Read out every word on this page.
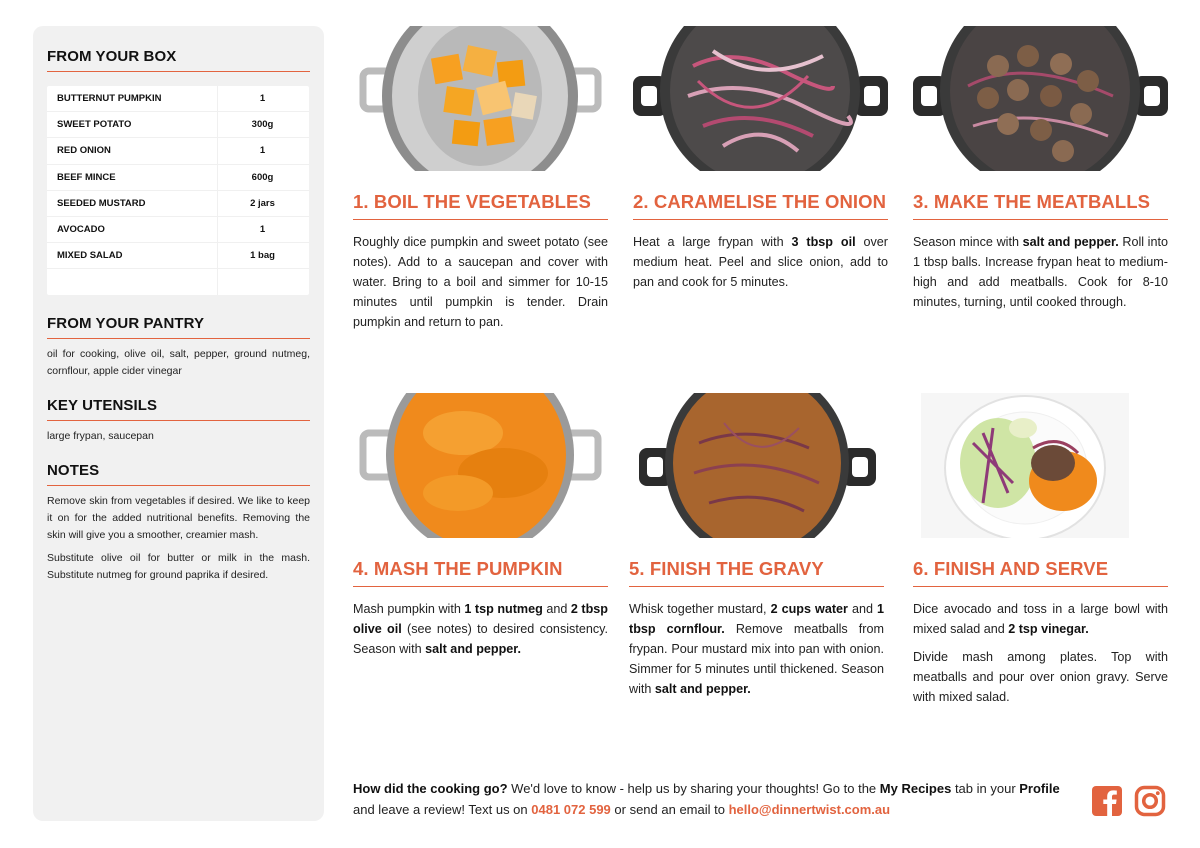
FROM YOUR BOX
BUTTERNUT PUMPKIN	1
SWEET POTATO	300g
RED ONION	1
BEEF MINCE	600g
SEEDED MUSTARD	2 jars
AVOCADO	1
MIXED SALAD	1 bag
FROM YOUR PANTRY
oil for cooking, olive oil, salt, pepper, ground nutmeg, cornflour, apple cider vinegar
KEY UTENSILS
large frypan, saucepan
NOTES

Remove skin from vegetables if desired. We like to keep it on for the added nutritional benefits. Removing the skin will give you a smoother, creamier mash.

Substitute olive oil for butter or milk in the mash. Substitute nutmeg for ground paprika if desired.

1. BOIL THE VEGETABLES

Roughly dice pumpkin and sweet potato (see notes). Add to a saucepan and cover with water. Bring to a boil and simmer for 10-15 minutes until pumpkin is tender. Drain pumpkin and return to pan.

2. CARAMELISE THE ONION

Heat a large frypan with 3 tbsp oil over medium heat. Peel and slice onion, add to pan and cook for 5 minutes.

3. MAKE THE MEATBALLS

Season mince with salt and pepper. Roll into 1 tbsp balls. Increase frypan heat to medium-high and add meatballs. Cook for 8-10 minutes, turning, until cooked through.

4. MASH THE PUMPKIN

Mash pumpkin with 1 tsp nutmeg and 2 tbsp olive oil (see notes) to desired consistency. Season with salt and pepper.

5. FINISH THE GRAVY

Whisk together mustard, 2 cups water and 1 tbsp cornflour. Remove meatballs from frypan. Pour mustard mix into pan with onion. Simmer for 5 minutes until thickened. Season with salt and pepper.

6. FINISH AND SERVE

Dice avocado and toss in a large bowl with mixed salad and 2 tsp vinegar.

Divide mash among plates. Top with meatballs and pour over onion gravy. Serve with mixed salad.

How did the cooking go? We'd love to know - help us by sharing your thoughts! Go to the My Recipes tab in your Profile and leave a review! Text us on 0481 072 599 or send an email to hello@dinnertwist.com.au
